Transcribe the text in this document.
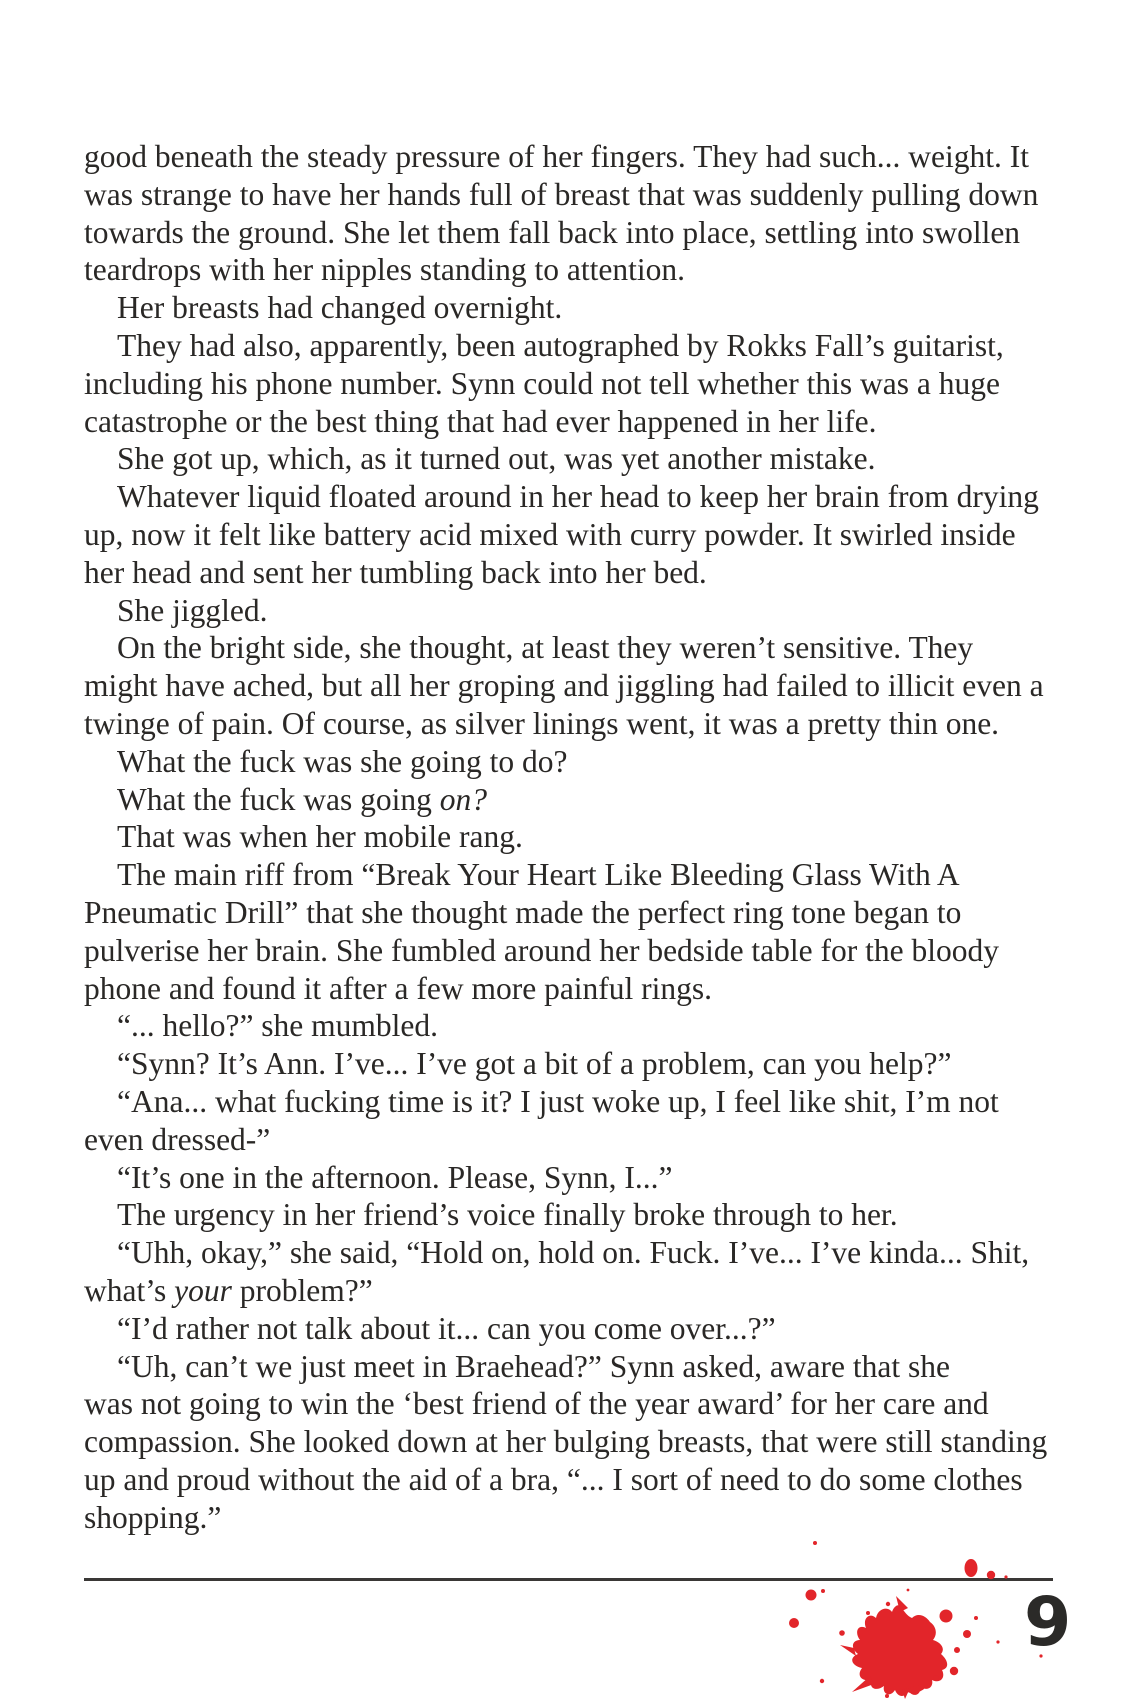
good beneath the steady pressure of her fingers. They had such... weight. It
was strange to have her hands full of breast that was suddenly pulling down
towards the ground. She let them fall back into place, settling into swollen
teardrops with her nipples standing to attention.
Her breasts had changed overnight.
They had also, apparently, been autographed by Rokks Fall’s guitarist,
including his phone number. Synn could not tell whether this was a huge
catastrophe or the best thing that had ever happened in her life.
She got up, which, as it turned out, was yet another mistake.
Whatever liquid floated around in her head to keep her brain from drying
up, now it felt like battery acid mixed with curry powder. It swirled inside
her head and sent her tumbling back into her bed.
She jiggled.
On the bright side, she thought, at least they weren’t sensitive. They
might have ached, but all her groping and jiggling had failed to illicit even a
twinge of pain. Of course, as silver linings went, it was a pretty thin one.
What the fuck was she going to do?
What the fuck was going on?
That was when her mobile rang.
The main riff from “Break Your Heart Like Bleeding Glass With A
Pneumatic Drill” that she thought made the perfect ring tone began to
pulverise her brain. She fumbled around her bedside table for the bloody
phone and found it after a few more painful rings.
“... hello?” she mumbled.
“Synn? It’s Ann. I’ve... I’ve got a bit of a problem, can you help?”
“Ana... what fucking time is it? I just woke up, I feel like shit, I’m not
even dressed-”
“It’s one in the afternoon. Please, Synn, I...”
The urgency in her friend’s voice finally broke through to her.
“Uhh, okay,” she said, “Hold on, hold on. Fuck. I’ve... I’ve kinda... Shit,
what’s your problem?”
“I’d rather not talk about it... can you come over...?”
“Uh, can’t we just meet in Braehead?” Synn asked, aware that she
was not going to win the ‘best friend of the year award’ for her care and
compassion. She looked down at her bulging breasts, that were still standing
up and proud without the aid of a bra, “... I sort of need to do some clothes
shopping.”
9
